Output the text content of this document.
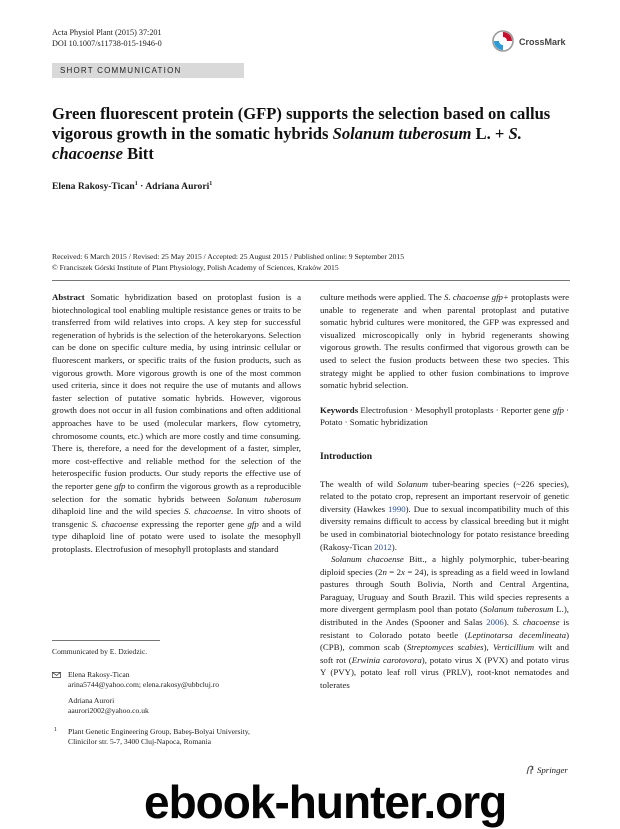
Acta Physiol Plant (2015) 37:201
DOI 10.1007/s11738-015-1946-0	CrossMark
SHORT COMMUNICATION
Green fluorescent protein (GFP) supports the selection based on callus vigorous growth in the somatic hybrids Solanum tuberosum L. + S. chacoense Bitt
Elena Rakosy-Tican$^1$ · Adriana Aurori$^1$
Received: 6 March 2015 / Revised: 25 May 2015 / Accepted: 25 August 2015 / Published online: 9 September 2015
© Franciszek Górski Institute of Plant Physiology, Polish Academy of Sciences, Kraków 2015

Abstract Somatic hybridization based on protoplast fusion is a biotechnological tool enabling multiple resistance genes or traits to be transferred from wild relatives into crops. A key step for successful regeneration of hybrids is the selection of the heterokaryons. Selection can be done on specific culture media, by using intrinsic cellular or fluorescent markers, or specific traits of the fusion products, such as vigorous growth. More vigorous growth is one of the most common used criteria, since it does not require the use of mutants and allows faster selection of putative somatic hybrids. However, vigorous growth does not occur in all fusion combinations and often additional approaches have to be used (molecular markers, flow cytometry, chromosome counts, etc.) which are more costly and time consuming. There is, therefore, a need for the development of a faster, simpler, more cost-effective and reliable method for the selection of the heterospecific fusion products. Our study reports the effective use of the reporter gene gfp to confirm the vigorous growth as a reproducible selection for the somatic hybrids between Solanum tuberosum dihaploid line and the wild species S. chacoense. In vitro shoots of transgenic S. chacoense expressing the reporter gene gfp and a wild type dihaploid line of potato were used to isolate the mesophyll protoplasts. Electrofusion of mesophyll protoplasts and standard

culture methods were applied. The S. chacoense gfp+ protoplasts were unable to regenerate and when parental protoplast and putative somatic hybrid cultures were monitored, the GFP was expressed and visualized microscopically only in hybrid regenerants showing vigorous growth. The results confirmed that vigorous growth can be used to select the fusion products between these two species. This strategy might be applied to other fusion combinations to improve somatic hybrid selection.

Keywords Electrofusion · Mesophyll protoplasts · Reporter gene gfp · Potato · Somatic hybridization

Introduction

The wealth of wild Solanum tuber-bearing species (~226 species), related to the potato crop, represent an important reservoir of genetic diversity (Hawkes 1990). Due to sexual incompatibility much of this diversity remains difficult to access by classical breeding but it might be used in combinatorial biotechnology for potato resistance breeding (Rakosy-Tican 2012).

Solanum chacoense Bitt., a highly polymorphic, tuber-bearing diploid species (2n = 2x = 24), is spreading as a field weed in lowland pastures through South Bolivia, North and Central Argentina, Paraguay, Uruguay and South Brazil. This wild species represents a more divergent germplasm pool than potato (Solanum tuberosum L.), distributed in the Andes (Spooner and Salas 2006). S. chacoense is resistant to Colorado potato beetle (Leptinotarsa decemlineata) (CPB), common scab (Streptomyces scabies), Verticillium wilt and soft rot (Erwinia carotovora), potato virus X (PVX) and potato virus Y (PVY), potato leaf roll virus (PRLV), root-knot nematodes and tolerates

Communicated by E. Dziedzic.
Elena Rakosy-Tican
arina5744@yahoo.com; elena.rakosy@ubbcluj.ro
Adriana Aurori
aaurori2002@yahoo.co.uk
1 Plant Genetic Engineering Group, Babeş-Bolyai University,
Clinicilor str. 5-7, 3400 Cluj-Napoca, Romania
Springer
ebook-hunter.org
